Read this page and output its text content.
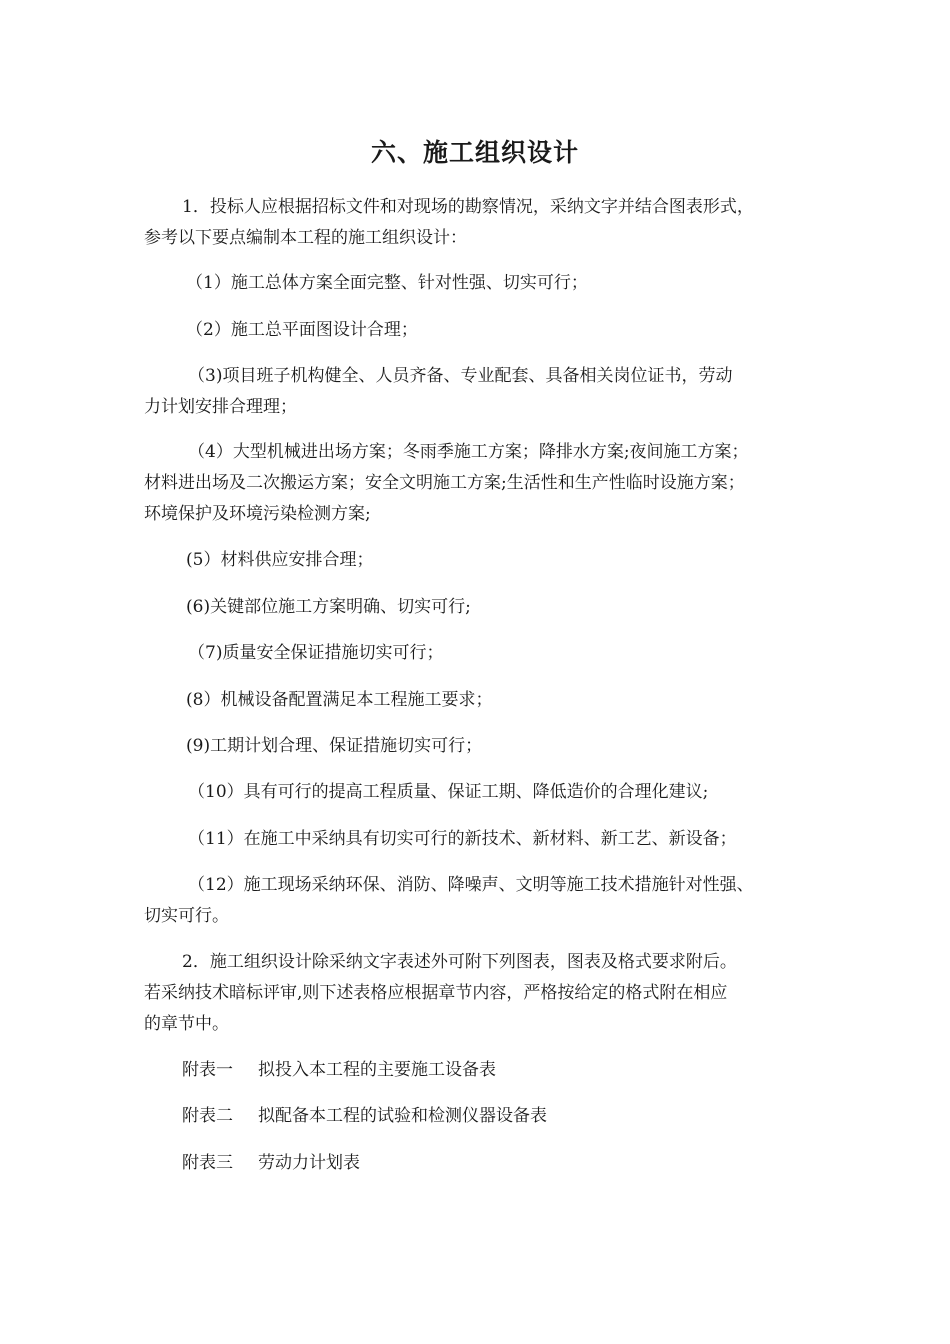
六、施工组织设计
1．投标人应根据招标文件和对现场的勘察情况，采纳文字并结合图表形式，
参考以下要点编制本工程的施工组织设计：
（1）施工总体方案全面完整、针对性强、切实可行；
（2）施工总平面图设计合理；
（3)项目班子机构健全、人员齐备、专业配套、具备相关岗位证书，劳动
力计划安排合理理；
（4）大型机械进出场方案；冬雨季施工方案；降排水方案;夜间施工方案；
材料进出场及二次搬运方案；安全文明施工方案;生活性和生产性临时设施方案；
环境保护及环境污染检测方案;
(5）材料供应安排合理；
(6)关键部位施工方案明确、切实可行;
（7)质量安全保证措施切实可行；
(8）机械设备配置满足本工程施工要求；
(9)工期计划合理、保证措施切实可行；
（10）具有可行的提高工程质量、保证工期、降低造价的合理化建议;
（11）在施工中采纳具有切实可行的新技术、新材料、新工艺、新设备；
（12）施工现场采纳环保、消防、降噪声、文明等施工技术措施针对性强、
切实可行。
2．施工组织设计除采纳文字表述外可附下列图表，图表及格式要求附后。
若采纳技术暗标评审,则下述表格应根据章节内容，严格按给定的格式附在相应
的章节中。
附表一 拟投入本工程的主要施工设备表
附表二 拟配备本工程的试验和检测仪器设备表
附表三 劳动力计划表
